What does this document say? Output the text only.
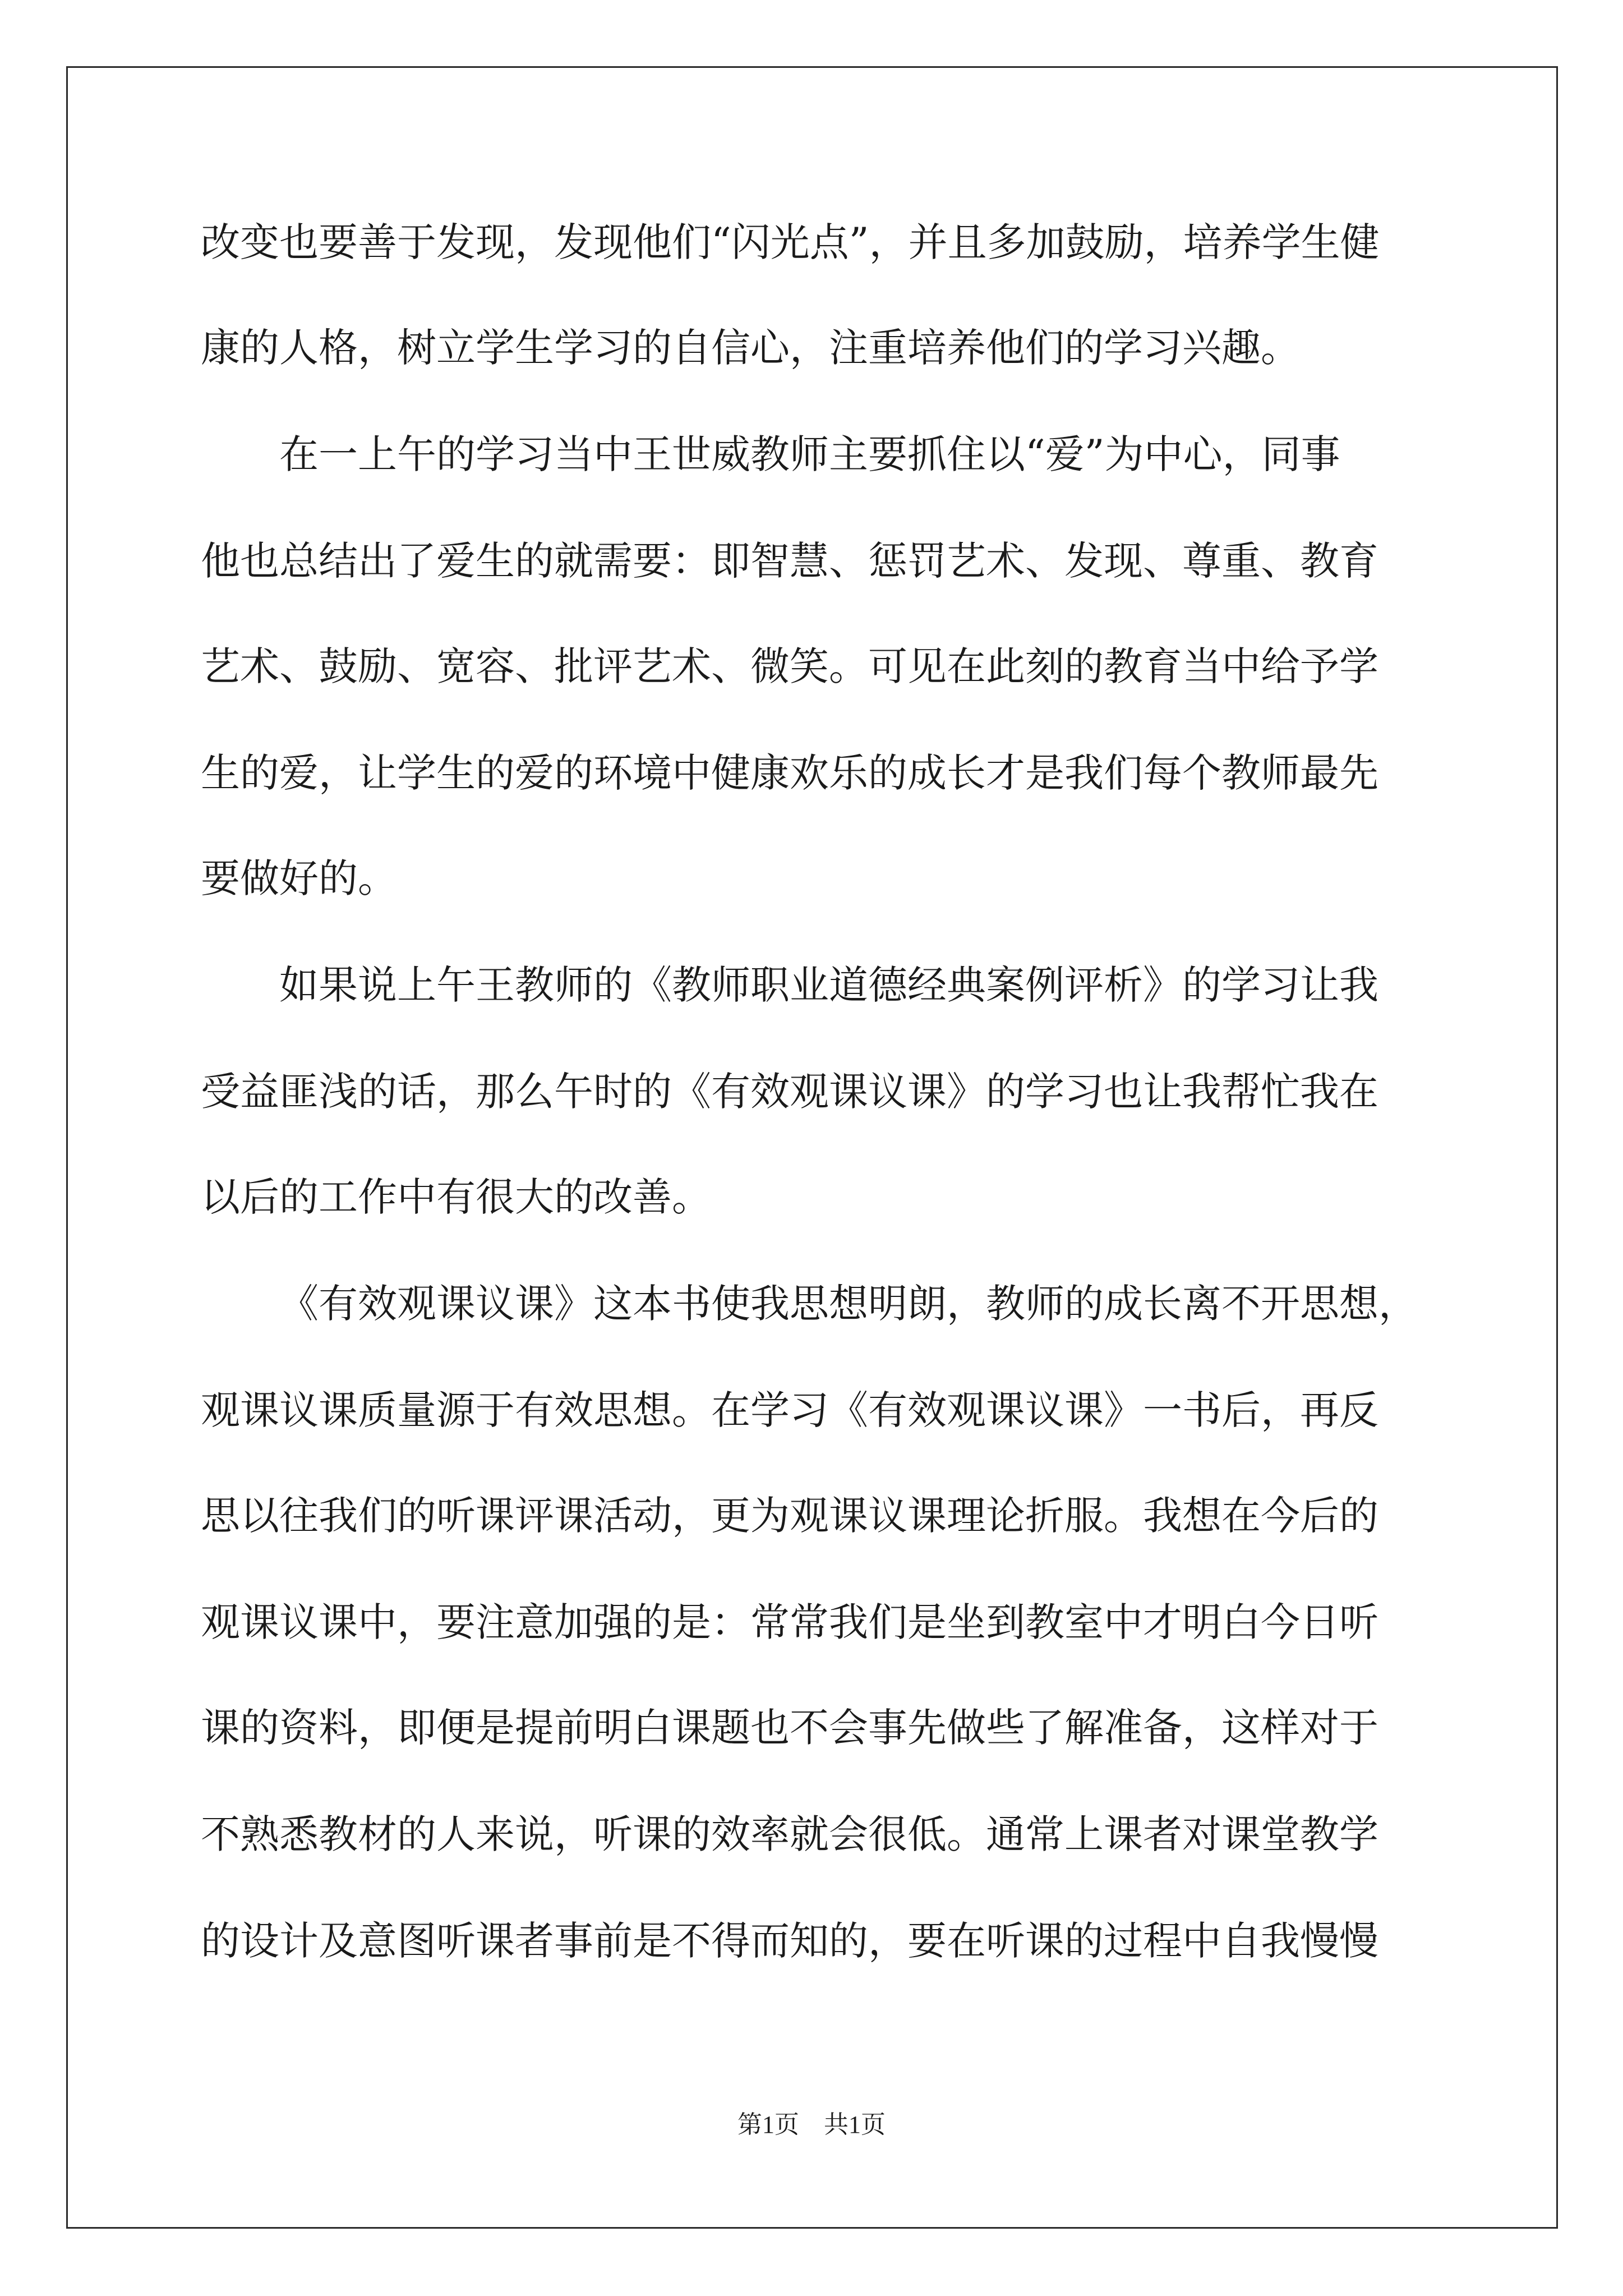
改变也要善于发现，发现他们“闪光点”，并且多加鼓励，培养学生健
康的人格，树立学生学习的自信心，注重培养他们的学习兴趣。
在一上午的学习当中王世威教师主要抓住以“爱”为中心，同事
他也总结出了爱生的就需要：即智慧、惩罚艺术、发现、尊重、教育
艺术、鼓励、宽容、批评艺术、微笑。可见在此刻的教育当中给予学
生的爱，让学生的爱的环境中健康欢乐的成长才是我们每个教师最先
要做好的。
如果说上午王教师的《教师职业道德经典案例评析》的学习让我
受益匪浅的话，那么午时的《有效观课议课》的学习也让我帮忙我在
以后的工作中有很大的改善。
《有效观课议课》这本书使我思想明朗，教师的成长离不开思想，
观课议课质量源于有效思想。在学习《有效观课议课》一书后，再反
思以往我们的听课评课活动，更为观课议课理论折服。我想在今后的
观课议课中，要注意加强的是：常常我们是坐到教室中才明白今日听
课的资料，即便是提前明白课题也不会事先做些了解准备，这样对于
不熟悉教材的人来说，听课的效率就会很低。通常上课者对课堂教学
的设计及意图听课者事前是不得而知的，要在听课的过程中自我慢慢
第1页　共1页
